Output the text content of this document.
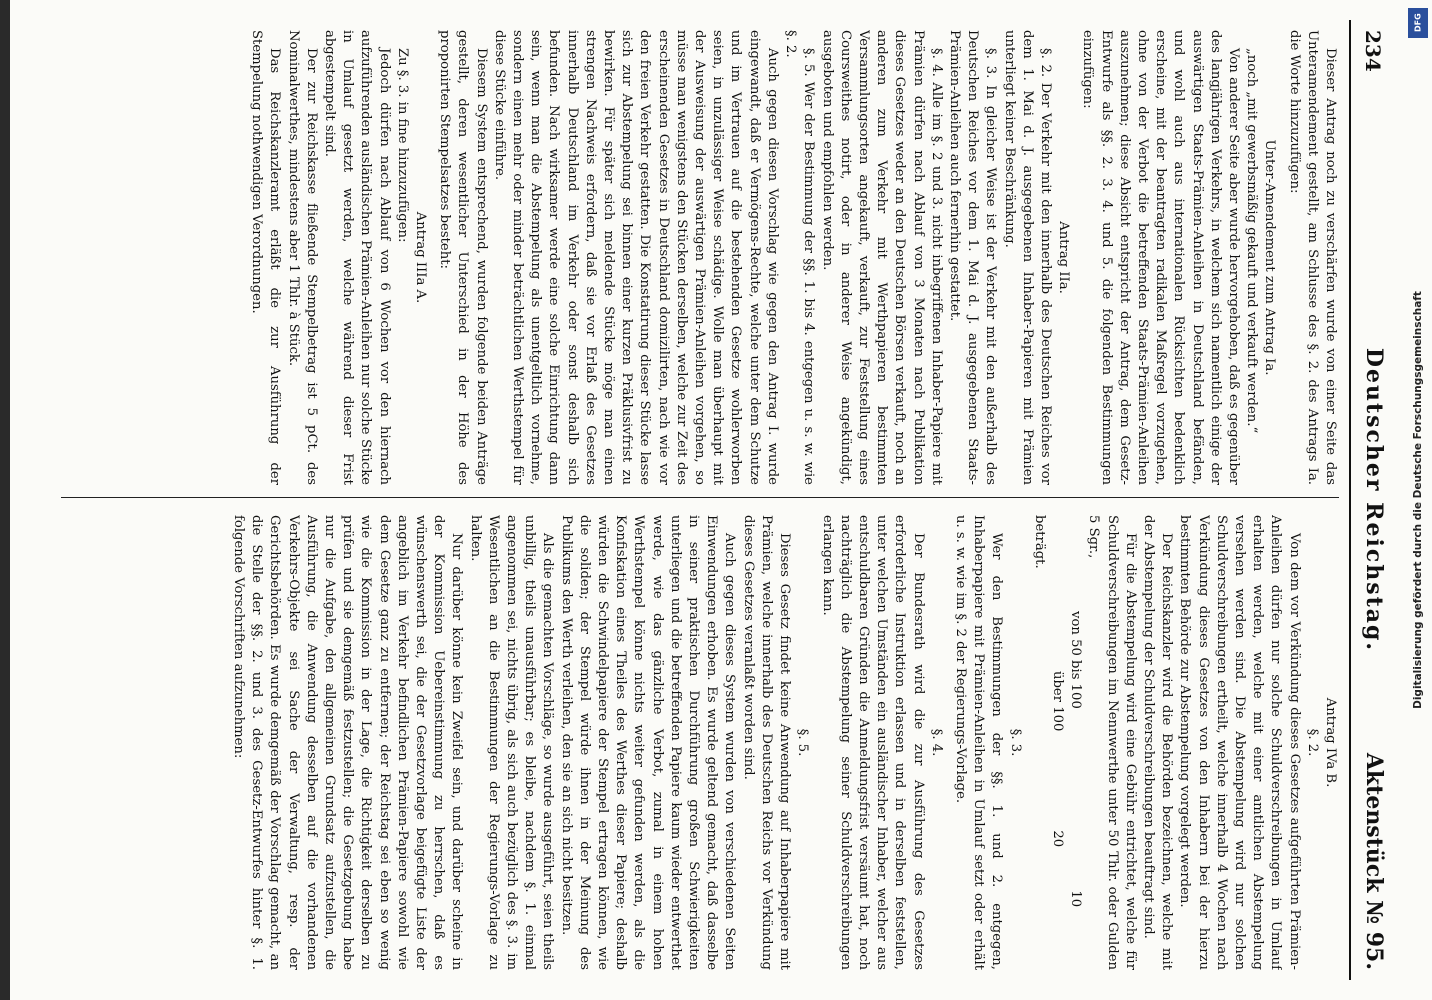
234
Deutscher Reichstag.
Aktenstück № 95.

Dieser Antrag noch zu verschärfen wurde von einer Seite das Unteramendement gestellt, am Schlusse des §. 2. des Antrags Ia. die Worte hinzuzufügen:

Unter-Amendement zum Antrag Ia.

„noch „mit gewerbsmäßig gekauft und verkauft werden.“

Von anderer Seite aber wurde hervorgehoben, daß es gegenüber des langjährigen Verkehrs, in welchem sich namentlich einige der auswärtigen Staats-Prämien-Anleihen in Deutschland befänden, und wohl auch aus internationalen Rücksichten bedenklich erscheine, mit der beantragten radikalen Maßregel vorzugehen, ohne von der Verbot die betreffenden Staats-Prämien-Anleihen auszunehmen; diese Absicht entspricht der Antrag, dem Gesetz-Entwurfe als §§. 2. 3. 4. und 5. die folgenden Bestimmungen einzufügen:

Antrag IIa.

§. 2. Der Verkehr mit den innerhalb des Deutschen Reiches vor dem 1. Mai d. J. ausgegebenen Inhaber-Papieren mit Prämien unterliegt keiner Beschränkung.

§. 3. In gleicher Weise ist der Verkehr mit den außerhalb des Deutschen Reiches vor dem 1. Mai d. J. ausgegebenen Staats-Prämien-Anleihen auch fernerhin gestattet.

§. 4. Alle im §. 2 und 3. nicht inbegriffenen Inhaber-Papiere mit Prämien dürfen nach Ablauf von 3 Monaten nach Publikation dieses Gesetzes weder an den Deutschen Börsen verkauft, noch an anderen zum Verkehr mit Werthpapieren bestimmten Versammlungsorten angekauft, verkauft, zur Feststellung eines Coursweithes notirt, oder in anderer Weise angekündigt, ausgeboten und empfohlen werden.

§. 5. Wer der Bestimmung der §§. 1. bis 4. entgegen u. s. w. wie §. 2.

Auch gegen diesen Vorschlag wie gegen den Antrag I. wurde eingewandt, daß er Vermögens-Rechte, welche unter dem Schutze und im Vertrauen auf die bestehenden Gesetze wohlerworben seien, in unzulässiger Weise schädige. Wolle man überhaupt mit der Ausweisung der auswärtigen Prämien-Anleihen vorgehen, so müsse man wenigstens den Stücken derselben, welche zur Zeit des erscheinenden Gesetzes in Deutschland domizilirten, nach wie vor den freien Verkehr gestatten. Die Konstatirung dieser Stücke lasse sich zur Abstempelung sei binnen einer kurzen Präklusivfrist zu bewirken. Für später sich meldende Stücke möge man einen strengen Nachweis erfordern, daß sie vor Erlaß des Gesetzes innerhalb Deutschland im Verkehr oder sonst deshalb sich befunden. Nach wirksamer werde eine solche Einrichtung dann sein, wenn man die Abstempelung als unentgeltlich vornehme, sondern einen mehr oder minder beträchtlichen Werthstempel für diese Stücke einführe.

Diesem System entsprechend, wurden folgende beiden Anträge gestellt, deren wesentlicher Unterschied in der Höhe des proponirten Stempelsatzes besteht:

Antrag IIIa A.

Zu §. 3. in fine hinzuzufügen:

Jedoch dürfen nach Ablauf von 6 Wochen vor den hiernach aufzuführenden ausländischen Prämien-Anleihen nur solche Stücke in Umlauf gesetzt werden, welche während dieser Frist abgestempelt sind.

Der zur Reichskasse fließende Stempelbetrag ist 5 pCt. des Nominalwerthes, mindestens aber 1 Thlr. à Stück.

Das Reichskanzleramt erläßt die zur Ausführung der Stempelung nothwendigen Verordnungen.

Antrag IVa B.

§. 2.

Von dem vor Verkündung dieses Gesetzes aufgeführten Prämien-Anleihen dürfen nur solche Schuldverschreibungen in Umlauf erhalten werden, welche mit einer amtlichen Abstempelung versehen werden sind. Die Abstempelung wird nur solchen Schuldverschreibungen ertheilt, welche innerhalb 4 Wochen nach Verkündung dieses Gesetzes von den Inhabern bei der hierzu bestimmten Behörde zur Abstempelung vorgelegt werden.

Der Reichskanzler wird die Behörden bezeichnen, welche mit der Abstempelung der Schuldverschreibungen beauftragt sind.

Für die Abstempelung wird eine Gebühr entrichtet, welche für Schuldverschreibungen im Nennwerthe unter 50 Thlr. oder Gulden 5 Sgr.,

von 50 bis 100 10

über 100 20

beträgt.

§. 3.

Wer den Bestimmungen der §§. 1. und 2. entgegen, Inhaberpapiere mit Prämien-Anleihen in Umlauf setzt oder erhält u. s. w. wie im §. 2 der Regierungs-Vorlage.

§. 4.

Der Bundesrath wird die zur Ausführung des Gesetzes erforderliche Instruktion erlassen und in derselben feststellen, unter welchen Umständen ein ausländischer Inhaber, welcher aus entschuldbaren Gründen die Anmeldungsfrist versäumt hat, noch nachträglich die Abstempelung seiner Schuldverschreibungen erlangen kann.

§. 5.

Dieses Gesetz findet keine Anwendung auf Inhaberpapiere mit Prämien, welche innerhalb des Deutschen Reichs vor Verkündung dieses Gesetzes veranlaßt worden sind.

Auch gegen dieses System wurden von verschiedenen Seiten Einwendungen erhoben. Es wurde geltend gemacht, daß dasselbe in seiner praktischen Durchführung großen Schwierigkeiten unterliegen und die betreffenden Papiere kaum wieder entwerthet werde, wie das gänzliche Verbot, zumal in einem hohen Werthstempel könne nichts weiter gefunden werden, als die Konfiskation eines Theiles des Werthes dieser Papiere; deshalb würden die Schwindelpapiere der Stempel ertragen können, wie die soliden; der Stempel würde ihnen in der Meinung des Publikums den Werth verleihen, den sie an sich nicht besitzen.

Als die gemachten Vorschläge, so wurde ausgeführt, seien theils unbillig, theils unausführbar; es bleibe, nachdem §. 1. einmal angenommen sei, nichts übrig, als sich auch bezüglich des §. 3. im Wesentlichen an die Bestimmungen der Regierungs-Vorlage zu halten.

Nur darüber könne kein Zweifel sein, und darüber scheine in der Kommission Uebereinstimmung zu herrschen, daß es wünschenswerth sei, die der Gesetzvorlage beigefügte Liste der angeblich im Verkehr befindlichen Prämien-Papiere sowohl wie dem Gesetze ganz zu entfernen; der Reichstag sei eben so wenig wie die Kommission in der Lage, die Richtigkeit derselben zu prüfen und sie demgemäß festzustellen; die Gesetzgebung habe nur die Aufgabe, den allgemeinen Grundsatz aufzustellen, die Ausführung, die Anwendung desselben auf die vorhandenen Verkehrs-Objekte sei Sache der Verwaltung, resp. der Gerichtsbehörden. Es wurde demgemäß der Vorschlag gemacht, an die Stelle der §§. 2. und 3. des Gesetz-Entwurfes hinter §. 1. folgende Vorschriften aufzunehmen:

DFG
Digitalisierung gefördert durch die Deutsche Forschungsgemeinschaft
